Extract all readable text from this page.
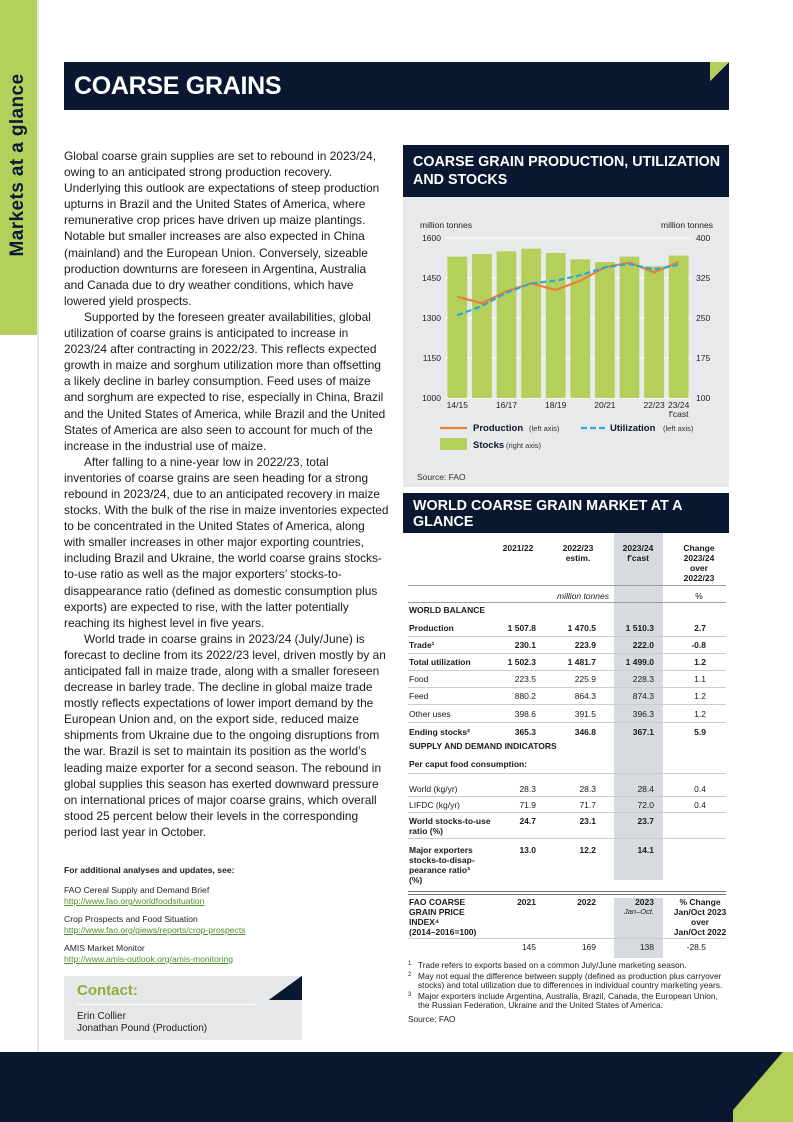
Markets at a glance COARSE GRAINS

Global coarse grain supplies are set to rebound in 2023/24, owing to an anticipated strong production recovery. Underlying this outlook are expectations of steep production upturns in Brazil and the United States of America, where remunerative crop prices have driven up maize plantings. Notable but smaller increases are also expected in China (mainland) and the European Union. Conversely, sizeable production downturns are foreseen in Argentina, Australia and Canada due to dry weather conditions, which have lowered yield prospects.

Supported by the foreseen greater availabilities, global utilization of coarse grains is anticipated to increase in 2023/24 after contracting in 2022/23. This reflects expected growth in maize and sorghum utilization more than offsetting a likely decline in barley consumption. Feed uses of maize and sorghum are expected to rise, especially in China, Brazil and the United States of America, while Brazil and the United States of America are also seen to account for much of the increase in the industrial use of maize.

After falling to a nine-year low in 2022/23, total inventories of coarse grains are seen heading for a strong rebound in 2023/24, due to an anticipated recovery in maize stocks. With the bulk of the rise in maize inventories expected to be concentrated in the United States of America, along with smaller increases in other major exporting countries, including Brazil and Ukraine, the world coarse grains stocks-to-use ratio as well as the major exporters’ stocks-to-disappearance ratio (defined as domestic consumption plus exports) are expected to rise, with the latter potentially reaching its highest level in five years.

World trade in coarse grains in 2023/24 (July/June) is forecast to decline from its 2022/23 level, driven mostly by an anticipated fall in maize trade, along with a smaller foreseen decrease in barley trade. The decline in global maize trade mostly reflects expectations of lower import demand by the European Union and, on the export side, reduced maize shipments from Ukraine due to the ongoing disruptions from the war. Brazil is set to maintain its position as the world’s leading maize exporter for a second season. The rebound in global supplies this season has exerted downward pressure on international prices of major coarse grains, which overall stood 25 percent below their levels in the corresponding period last year in October.

For additional analyses and updates, see:
FAO Cereal Supply and Demand Brief
http://www.fao.org/worldfoodsituation
Crop Prospects and Food Situation
http://www.fao.org/giews/reports/crop-prospects
AMIS Market Monitor
http://www.amis-outlook.org/amis-monitoring
Contact:
Erin Collier
Jonathan Pound (Production)
COARSE GRAIN PRODUCTION, UTILIZATION AND STOCKS
1600	400
1450	325
1300	250
1150	175
1000	100
million tonnes	million tonnes
14/15	16/17	18/19	20/21	22/23 23/24
f'cast
Production (left axis)	Utilization (left axis)
Stocks (right axis)
Source: FAO
WORLD COARSE GRAIN MARKET AT A GLANCE
2021/22	2022/23
estim.
2023/24
f'cast
Change
2023/24
over
2022/23
million tonnes	%
WORLD BALANCE
Production	1 507.8	1 470.5	1 510.3	2.7
Trade¹	230.1	223.9	222.0	-0.8
Total utilization	1 502.3	1 481.7	1 499.0	1.2
Food	223.5	225.9	228.3	1.1
Feed	880.2	864.3	874.3	1.2
Other uses	398.6	391.5	396.3	1.2
Ending stocks²	365.3	346.8	367.1	5.9
SUPPLY AND DEMAND INDICATORS
Per caput food consumption:
World (kg/yr)	28.3	28.3	28.4	0.4
LIFDC (kg/yr)	71.9	71.7	72.0	0.4
World stocks-to-use
ratio (%)
24.7	23.1	23.7
Major exporters
stocks-to-disap-
pearance ratio³
(%)
13.0	12.2	14.1
FAO COARSE
GRAIN PRICE
INDEX⁴
(2014–2016=100)
2021	2022	2023
Jan–Oct.
% Change
Jan/Oct 2023
over
Jan/Oct 2022
145	169	138	-28.5
1 Trade refers to exports based on a common July/June marketing season.
2 May not equal the difference between supply (defined as production plus carryover stocks) and total utilization due to differences in individual country marketing years.
3 Major exporters include Argentina, Australia, Brazil, Canada, the European Union, the Russian Federation, Ukraine and the United States of America.
Source: FAO
